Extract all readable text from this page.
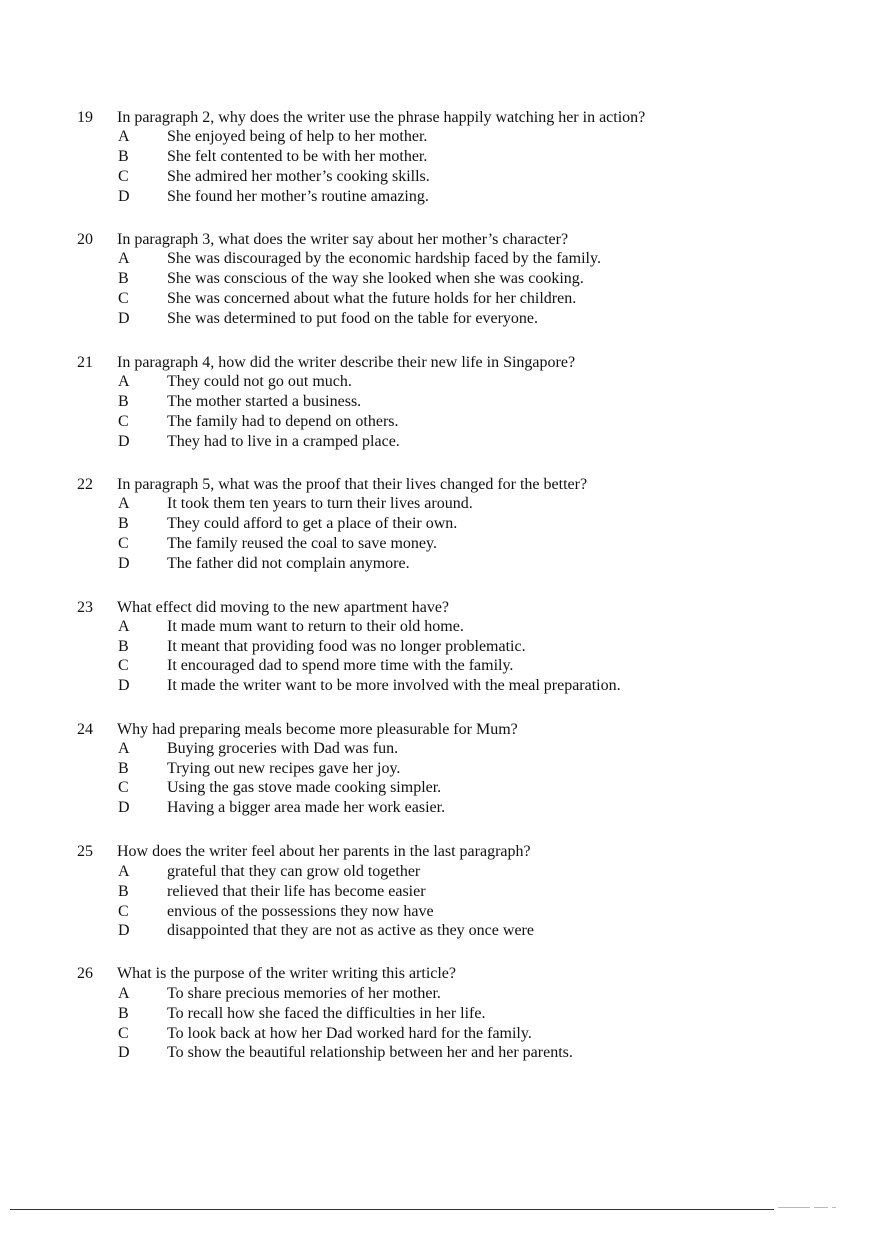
19 In paragraph 2, why does the writer use the phrase happily watching her in action?
A She enjoyed being of help to her mother.
B She felt contented to be with her mother.
C She admired her mother’s cooking skills.
D She found her mother’s routine amazing.
20 In paragraph 3, what does the writer say about her mother’s character?
A She was discouraged by the economic hardship faced by the family.
B She was conscious of the way she looked when she was cooking.
C She was concerned about what the future holds for her children.
D She was determined to put food on the table for everyone.
21 In paragraph 4, how did the writer describe their new life in Singapore?
A They could not go out much.
B The mother started a business.
C The family had to depend on others.
D They had to live in a cramped place.
22 In paragraph 5, what was the proof that their lives changed for the better?
A It took them ten years to turn their lives around.
B They could afford to get a place of their own.
C The family reused the coal to save money.
D The father did not complain anymore.
23 What effect did moving to the new apartment have?
A It made mum want to return to their old home.
B It meant that providing food was no longer problematic.
C It encouraged dad to spend more time with the family.
D It made the writer want to be more involved with the meal preparation.
24 Why had preparing meals become more pleasurable for Mum?
A Buying groceries with Dad was fun.
B Trying out new recipes gave her joy.
C Using the gas stove made cooking simpler.
D Having a bigger area made her work easier.
25 How does the writer feel about her parents in the last paragraph?
A grateful that they can grow old together
B relieved that their life has become easier
C envious of the possessions they now have
D disappointed that they are not as active as they once were
26 What is the purpose of the writer writing this article?
A To share precious memories of her mother.
B To recall how she faced the difficulties in her life.
C To look back at how her Dad worked hard for the family.
D To show the beautiful relationship between her and her parents.
